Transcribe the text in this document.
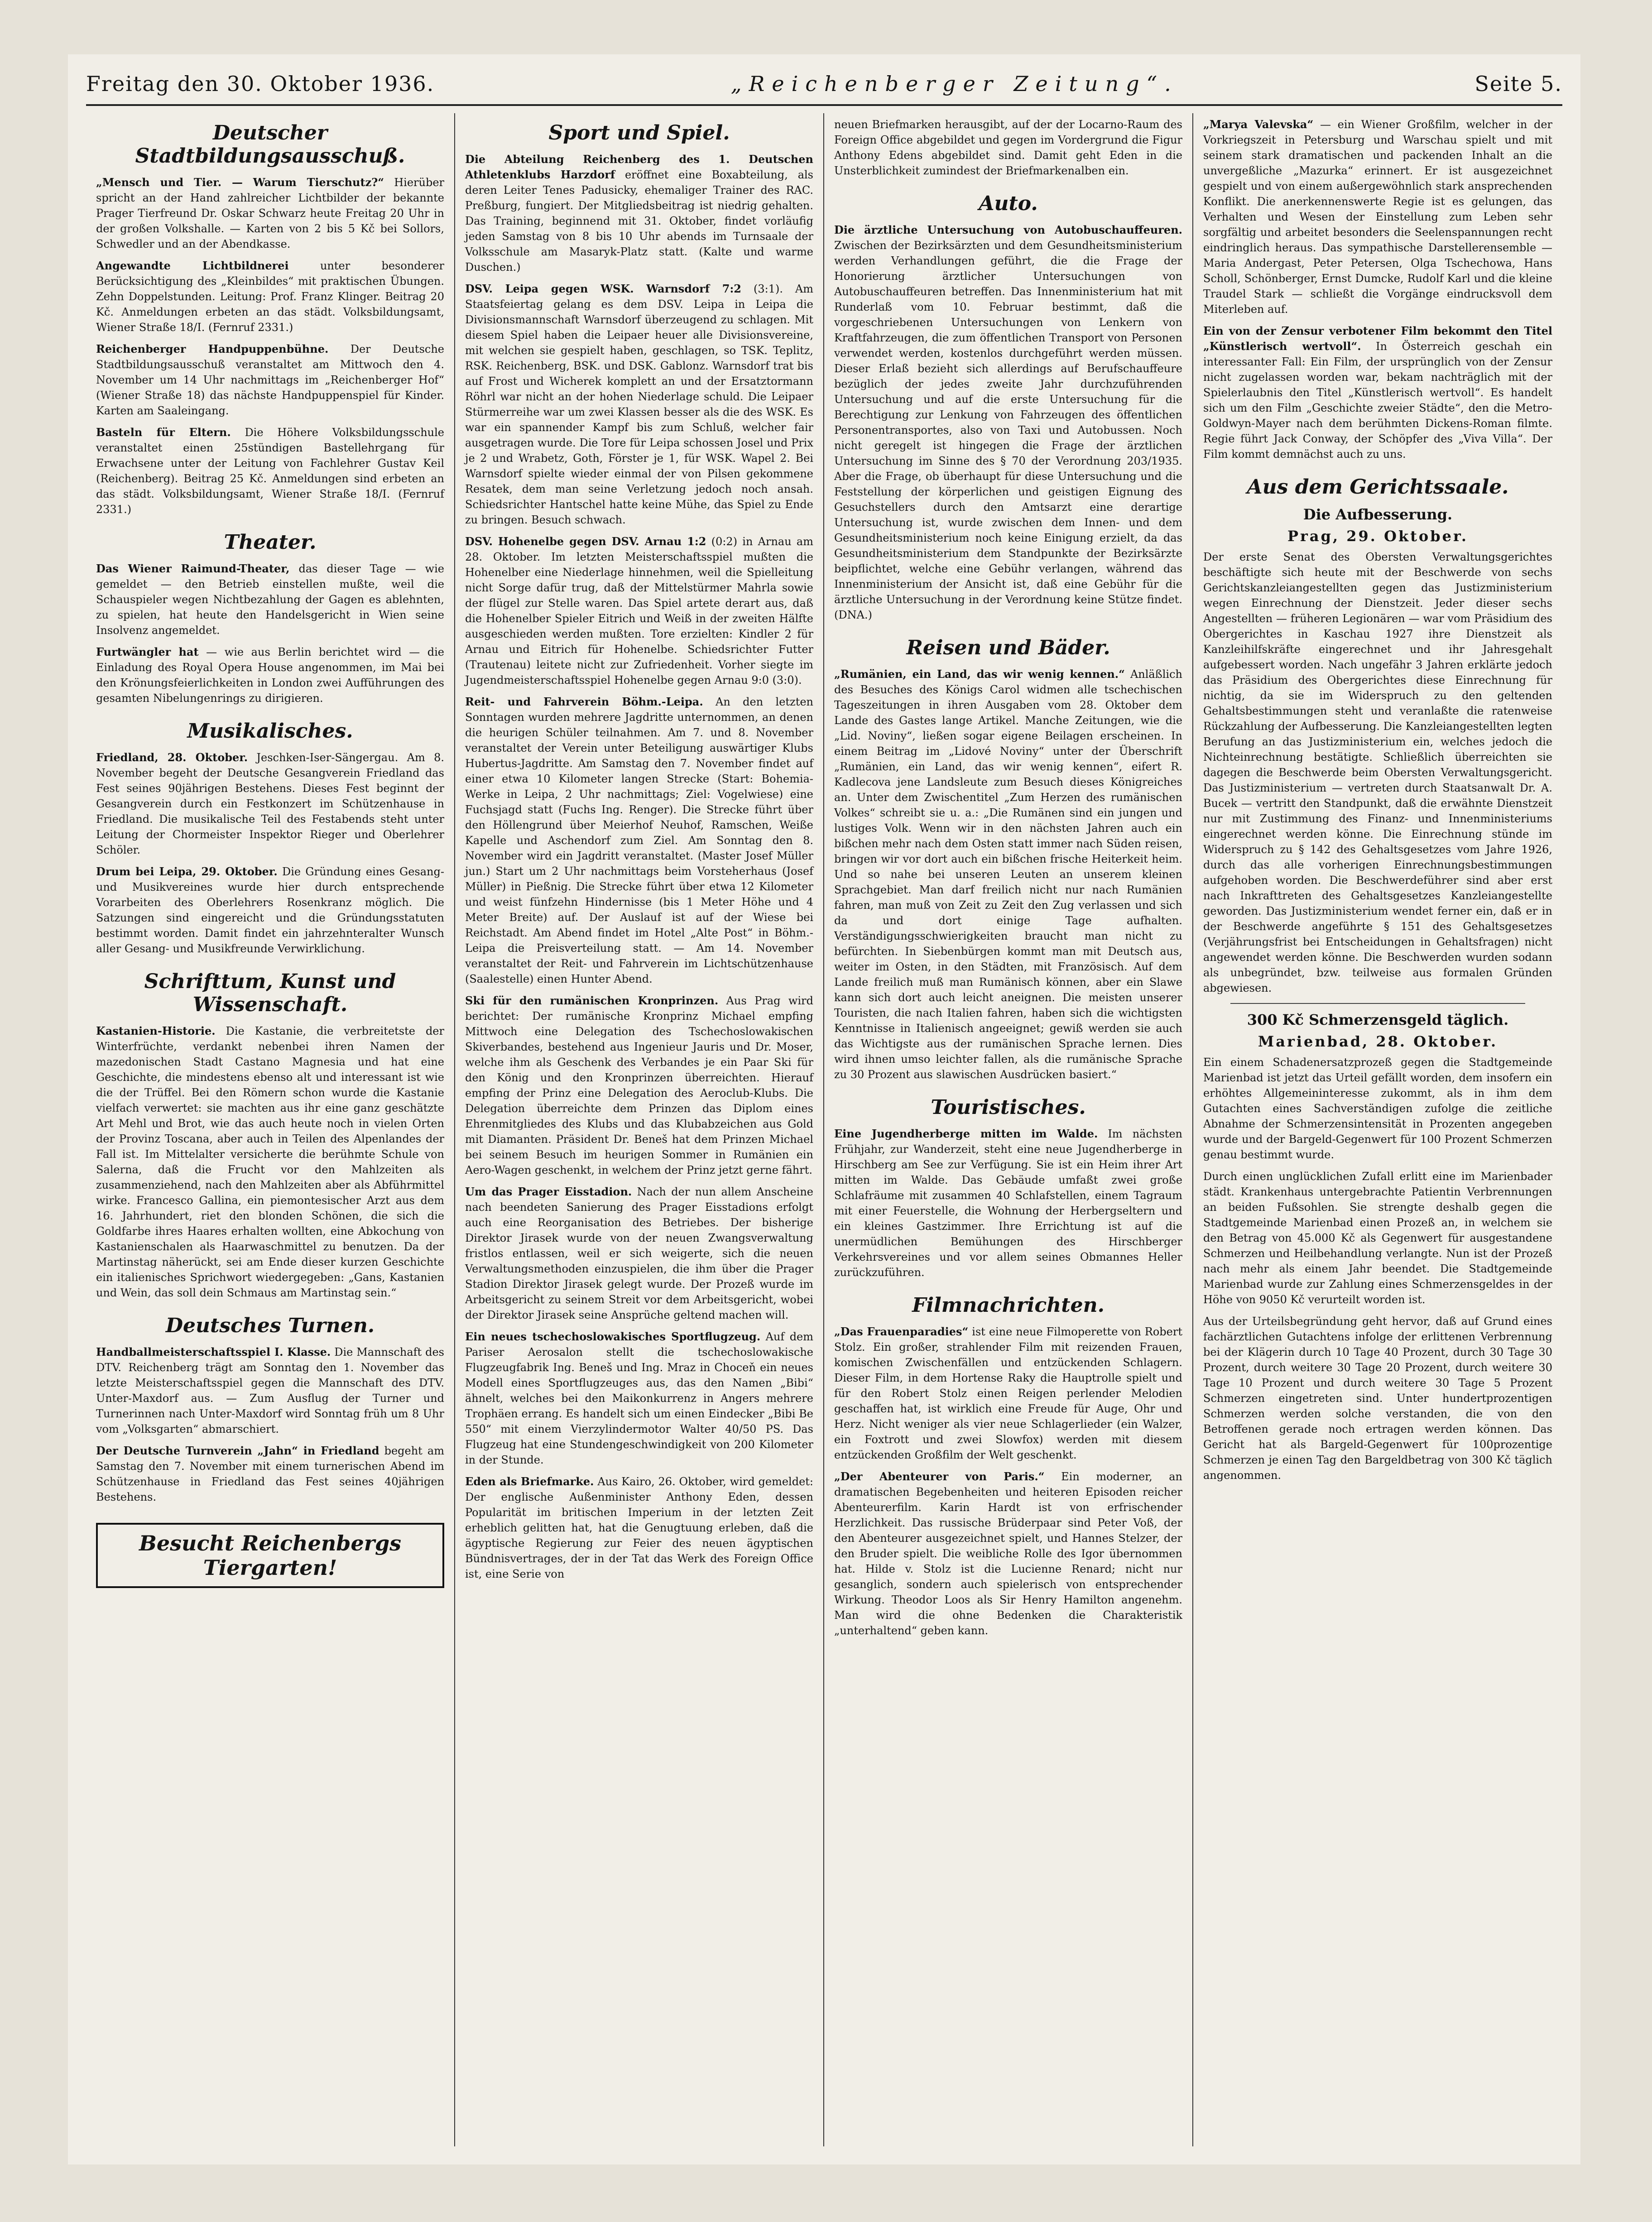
Freitag den 30. Oktober 1936.	„Reichenberger Zeitung“.	Seite 5.
Deutscher Stadtbildungsausschuß.

„Mensch und Tier. — Warum Tierschutz?“ Hierüber spricht an der Hand zahlreicher Lichtbilder der bekannte Prager Tierfreund Dr. Oskar Schwarz heute Freitag 20 Uhr in der großen Volkshalle. — Karten von 2 bis 5 Kč bei Sollors, Schwedler und an der Abendkasse.

Angewandte Lichtbildnerei	unter besonderer Berücksichtigung des „Kleinbildes“ mit praktischen Übungen. Zehn Doppelstunden. Leitung: Prof. Franz Klinger. Beitrag 20 Kč. Anmeldungen erbeten an das städt. Volksbildungsamt, Wiener Straße 18/I. (Fernruf 2331.)

Reichenberger Handpuppenbühne. Der Deutsche Stadtbildungsausschuß veranstaltet am Mittwoch den 4. November um 14 Uhr nachmittags im „Reichenberger Hof“ (Wiener Straße 18) das nächste Handpuppenspiel für Kinder. Karten am Saaleingang.

Basteln für Eltern. Die Höhere Volksbildungsschule veranstaltet einen 25stündigen Bastellehrgang für Erwachsene unter der Leitung von Fachlehrer Gustav Keil (Reichenberg). Beitrag 25 Kč. Anmeldungen sind erbeten an das städt. Volksbildungsamt, Wiener Straße 18/I. (Fernruf 2331.)

Theater.

Das Wiener Raimund-Theater, das dieser Tage — wie gemeldet — den Betrieb einstellen mußte, weil die Schauspieler wegen Nichtbezahlung der Gagen es ablehnten, zu spielen, hat heute den Handelsgericht in Wien seine Insolvenz angemeldet.

Furtwängler hat — wie aus Berlin berichtet wird — die Einladung des Royal Opera House angenommen, im Mai bei den Krönungsfeierlichkeiten in London zwei Aufführungen des gesamten Nibelungenrings zu dirigieren.

Musikalisches.

Friedland, 28. Oktober. Jeschken-Iser-Sängergau. Am 8. November begeht der Deutsche Gesangverein Friedland das Fest seines 90jährigen Bestehens. Dieses Fest beginnt der Gesangverein durch ein Festkonzert im Schützenhause in Friedland. Die musikalische Teil des Festabends steht unter Leitung der Chormeister Inspektor Rieger und Oberlehrer Schöler.

Drum bei Leipa, 29. Oktober. Die Gründung eines Gesang- und Musikvereines wurde hier durch entsprechende Vorarbeiten des Oberlehrers Rosenkranz möglich. Die Satzungen sind eingereicht und die Gründungsstatuten bestimmt worden. Damit findet ein jahrzehnteralter Wunsch aller Gesang- und Musikfreunde Verwirklichung.

Schrifttum, Kunst und Wissenschaft.

Kastanien-Historie. Die Kastanie, die verbreitetste der Winterfrüchte, verdankt nebenbei ihren Namen der mazedonischen Stadt Castano Magnesia und hat eine Geschichte, die mindestens ebenso alt und interessant ist wie die der Trüffel. Bei den Römern schon wurde die Kastanie vielfach verwertet: sie machten aus ihr eine ganz geschätzte Art Mehl und Brot, wie das auch heute noch in vielen Orten der Provinz Toscana, aber auch in Teilen des Alpenlandes der Fall ist. Im Mittelalter versicherte die berühmte Schule von Salerna, daß die Frucht vor den Mahlzeiten als zusammenziehend, nach den Mahlzeiten aber als Abführmittel wirke. Francesco Gallina, ein piemontesischer Arzt aus dem 16. Jahrhundert, riet den blonden Schönen, die sich die Goldfarbe ihres Haares erhalten wollten, eine Abkochung von Kastanienschalen als Haarwaschmittel zu benutzen. Da der Martinstag näherückt, sei am Ende dieser kurzen Geschichte ein italienisches Sprichwort wiedergegeben: „Gans, Kastanien und Wein, das soll dein Schmaus am Martinstag sein.“

Deutsches Turnen.

Handballmeisterschaftsspiel I. Klasse. Die Mannschaft des DTV. Reichenberg trägt am Sonntag den 1. November das letzte Meisterschaftsspiel gegen die Mannschaft des DTV. Unter-Maxdorf aus. — Zum Ausflug der Turner und Turnerinnen nach Unter-Maxdorf wird Sonntag früh um 8 Uhr vom „Volksgarten“ abmarschiert.

Der Deutsche Turnverein „Jahn“ in Friedland begeht am Samstag den 7. November mit einem turnerischen Abend im Schützenhause in Friedland das Fest seines 40jährigen Bestehens.

Besucht Reichenbergs Tiergarten!
Sport und Spiel.

Die Abteilung Reichenberg des 1. Deutschen Athletenklubs Harzdorf eröffnet eine Boxabteilung, als deren Leiter Tenes Padusicky, ehemaliger Trainer des RAC. Preßburg, fungiert. Der Mitgliedsbeitrag ist niedrig gehalten. Das Training, beginnend mit 31. Oktober, findet vorläufig jeden Samstag von 8 bis 10 Uhr abends im Turnsaale der Volksschule am Masaryk-Platz statt. (Kalte und warme Duschen.)

DSV. Leipa gegen WSK. Warnsdorf 7:2 (3:1). Am Staatsfeiertag gelang es dem DSV. Leipa in Leipa die Divisionsmannschaft Warnsdorf überzeugend zu schlagen. Mit diesem Spiel haben die Leipaer heuer alle Divisionsvereine, mit welchen sie gespielt haben, geschlagen, so TSK. Teplitz, RSK. Reichenberg, BSK. und DSK. Gablonz. Warnsdorf trat bis auf Frost und Wicherek komplett an und der Ersatztormann Röhrl war nicht an der hohen Niederlage schuld. Die Leipaer Stürmerreihe war um zwei Klassen besser als die des WSK. Es war ein spannender Kampf bis zum Schluß, welcher fair ausgetragen wurde. Die Tore für Leipa schossen Josel und Prix je 2 und Wrabetz, Goth, Förster je 1, für WSK. Wapel 2. Bei Warnsdorf spielte wieder einmal der von Pilsen gekommene Resatek, dem man seine Verletzung jedoch noch ansah. Schiedsrichter Hantschel hatte keine Mühe, das Spiel zu Ende zu bringen. Besuch schwach.

DSV. Hohenelbe gegen DSV. Arnau 1:2 (0:2) in Arnau am 28. Oktober. Im letzten Meisterschaftsspiel mußten die Hohenelber eine Niederlage hinnehmen, weil die Spielleitung nicht Sorge dafür trug, daß der Mittelstürmer Mahrla sowie der flügel zur Stelle waren. Das Spiel artete derart aus, daß die Hohenelber Spieler Eitrich und Weiß in der zweiten Hälfte ausgeschieden werden mußten. Tore erzielten: Kindler 2 für Arnau und Eitrich für Hohenelbe. Schiedsrichter Futter (Trautenau) leitete nicht zur Zufriedenheit. Vorher siegte im Jugendmeisterschaftsspiel Hohenelbe gegen Arnau 9:0 (3:0).

Reit- und Fahrverein Böhm.-Leipa. An den letzten Sonntagen wurden mehrere Jagdritte unternommen, an denen die heurigen Schüler teilnahmen. Am 7. und 8. November veranstaltet der Verein unter Beteiligung auswärtiger Klubs Hubertus-Jagdritte. Am Samstag den 7. November findet auf einer etwa 10 Kilometer langen Strecke (Start: Bohemia-Werke in Leipa, 2 Uhr nachmittags; Ziel: Vogelwiese) eine Fuchsjagd statt (Fuchs Ing. Renger). Die Strecke führt über den Höllengrund über Meierhof Neuhof, Ramschen, Weiße Kapelle und Aschendorf zum Ziel. Am Sonntag den 8. November wird ein Jagdritt veranstaltet. (Master Josef Müller jun.) Start um 2 Uhr nachmittags beim Vorsteherhaus (Josef Müller) in Pießnig. Die Strecke führt über etwa 12 Kilometer und weist fünfzehn Hindernisse (bis 1 Meter Höhe und 4 Meter Breite) auf. Der Auslauf ist auf der Wiese bei Reichstadt. Am Abend findet im Hotel „Alte Post“ in Böhm.-Leipa die Preisverteilung statt. — Am 14. November veranstaltet der Reit- und Fahrverein im Lichtschützenhause (Saalestelle) einen Hunter Abend.

Ski für den rumänischen Kronprinzen. Aus Prag wird berichtet: Der rumänische Kronprinz Michael empfing Mittwoch eine Delegation des Tschechoslowakischen Skiverbandes, bestehend aus Ingenieur Jauris und Dr. Moser, welche ihm als Geschenk des Verbandes je ein Paar Ski für den König und den Kronprinzen überreichten. Hierauf empfing der Prinz eine Delegation des Aeroclub-Klubs. Die Delegation überreichte dem Prinzen das Diplom eines Ehrenmitgliedes des Klubs und das Klubabzeichen aus Gold mit Diamanten. Präsident Dr. Beneš hat dem Prinzen Michael bei seinem Besuch im heurigen Sommer in Rumänien ein Aero-Wagen geschenkt, in welchem der Prinz jetzt gerne fährt.

Um das Prager Eisstadion. Nach der nun allem Anscheine nach beendeten Sanierung des Prager Eisstadions erfolgt auch eine Reorganisation des Betriebes. Der bisherige Direktor Jirasek wurde von der neuen Zwangsverwaltung fristlos entlassen, weil er sich weigerte, sich die neuen Verwaltungsmethoden einzuspielen, die ihm über die Prager Stadion Direktor Jirasek gelegt wurde. Der Prozeß wurde im Arbeitsgericht zu seinem Streit vor dem Arbeitsgericht, wobei der Direktor Jirasek seine Ansprüche geltend machen will.

Ein neues tschechoslowakisches Sportflugzeug. Auf dem Pariser Aerosalon stellt die tschechoslowakische Flugzeugfabrik Ing. Beneš und Ing. Mraz in Choceň ein neues Modell eines Sportflugzeuges aus, das den Namen „Bibi“ ähnelt, welches bei den Maikonkurrenz in Angers mehrere Trophäen errang. Es handelt sich um einen Eindecker „Bibi Be 550“ mit einem Vierzylindermotor Walter 40/50 PS. Das Flugzeug hat eine Stundengeschwindigkeit von 200 Kilometer in der Stunde.

Eden als Briefmarke. Aus Kairo, 26. Oktober, wird gemeldet: Der englische Außenminister Anthony Eden, dessen Popularität im britischen Imperium in der letzten Zeit erheblich gelitten hat, hat die Genugtuung erleben, daß die ägyptische Regierung zur Feier des neuen ägyptischen Bündnisvertrages, der in der Tat das Werk des Foreign Office ist, eine Serie von

neuen Briefmarken herausgibt, auf der der Locarno-Raum des Foreign Office abgebildet und gegen im Vordergrund die Figur Anthony Edens abgebildet sind. Damit geht Eden in die Unsterblichkeit zumindest der Briefmarkenalben ein.

Auto.

Die ärztliche Untersuchung von Autobuschauffeuren. Zwischen der Bezirksärzten und dem Gesundheitsministerium werden Verhandlungen geführt, die die Frage der Honorierung ärztlicher Untersuchungen von Autobuschauffeuren betreffen. Das Innenministerium hat mit Runderlaß vom 10. Februar bestimmt, daß die vorgeschriebenen Untersuchungen von Lenkern von Kraftfahrzeugen, die zum öffentlichen Transport von Personen verwendet werden, kostenlos durchgeführt werden müssen. Dieser Erlaß bezieht sich allerdings auf Berufschauffeure bezüglich der jedes zweite Jahr durchzuführenden Untersuchung und auf die erste Untersuchung für die Berechtigung zur Lenkung von Fahrzeugen des öffentlichen Personentransportes, also von Taxi und Autobussen. Noch nicht geregelt ist hingegen die Frage der ärztlichen Untersuchung im Sinne des § 70 der Verordnung 203/1935. Aber die Frage, ob überhaupt für diese Untersuchung und die Feststellung der körperlichen und geistigen Eignung des Gesuchstellers durch den Amtsarzt eine derartige Untersuchung ist, wurde zwischen dem Innen- und dem Gesundheitsministerium noch keine Einigung erzielt, da das Gesundheitsministerium dem Standpunkte der Bezirksärzte beipflichtet, welche eine Gebühr verlangen, während das Innenministerium der Ansicht ist, daß eine Gebühr für die ärztliche Untersuchung in der Verordnung keine Stütze findet. (DNA.)

Reisen und Bäder.

„Rumänien, ein Land, das wir wenig kennen.“ Anläßlich des Besuches des Königs Carol widmen alle tschechischen Tageszeitungen in ihren Ausgaben vom 28. Oktober dem Lande des Gastes lange Artikel. Manche Zeitungen, wie die „Lid. Noviny“, ließen sogar eigene Beilagen erscheinen. In einem Beitrag im „Lidové Noviny“ unter der Überschrift „Rumänien, ein Land, das wir wenig kennen“, eifert R. Kadlecova jene Landsleute zum Besuch dieses Königreiches an. Unter dem Zwischentitel „Zum Herzen des rumänischen Volkes“ schreibt sie u. a.: „Die Rumänen sind ein jungen und lustiges Volk. Wenn wir in den nächsten Jahren auch ein bißchen mehr nach dem Osten statt immer nach Süden reisen, bringen wir vor dort auch ein bißchen frische Heiterkeit heim. Und so nahe bei unseren Leuten an unserem kleinen Sprachgebiet. Man darf freilich nicht nur nach Rumänien fahren, man muß von Zeit zu Zeit den Zug verlassen und sich da und dort einige Tage aufhalten. Verständigungsschwierigkeiten braucht man nicht zu befürchten. In Siebenbürgen kommt man mit Deutsch aus, weiter im Osten, in den Städten, mit Französisch. Auf dem Lande freilich muß man Rumänisch können, aber ein Slawe kann sich dort auch leicht aneignen. Die meisten unserer Touristen, die nach Italien fahren, haben sich die wichtigsten Kenntnisse in Italienisch angeeignet; gewiß werden sie auch das Wichtigste aus der rumänischen Sprache lernen. Dies wird ihnen umso leichter fallen, als die rumänische Sprache zu 30 Prozent aus slawischen Ausdrücken basiert.“

Touristisches.

Eine Jugendherberge mitten im Walde. Im nächsten Frühjahr, zur Wanderzeit, steht eine neue Jugendherberge in Hirschberg am See zur Verfügung. Sie ist ein Heim ihrer Art mitten im Walde. Das Gebäude umfaßt zwei große Schlafräume mit zusammen 40 Schlafstellen, einem Tagraum mit einer Feuerstelle, die Wohnung der Herbergseltern und ein kleines Gastzimmer. Ihre Errichtung ist auf die unermüdlichen Bemühungen des Hirschberger Verkehrsvereines und vor allem seines Obmannes Heller zurückzuführen.

Filmnachrichten.

„Das Frauenparadies“ ist eine neue Filmoperette von Robert Stolz. Ein großer, strahlender Film mit reizenden Frauen, komischen Zwischenfällen und entzückenden Schlagern. Dieser Film, in dem Hortense Raky die Hauptrolle spielt und für den Robert Stolz einen Reigen perlender Melodien geschaffen hat, ist wirklich eine Freude für Auge, Ohr und Herz. Nicht weniger als vier neue Schlagerlieder (ein Walzer, ein Foxtrott und zwei Slowfox) werden mit diesem entzückenden Großfilm der Welt geschenkt.

„Der Abenteurer von Paris.“ Ein moderner, an dramatischen Begebenheiten und heiteren Episoden reicher Abenteurerfilm. Karin Hardt ist von erfrischender Herzlichkeit. Das russische Brüderpaar sind Peter Voß, der den Abenteurer ausgezeichnet spielt, und Hannes Stelzer, der den Bruder spielt. Die weibliche Rolle des Igor übernommen hat. Hilde v. Stolz ist die Lucienne Renard; nicht nur gesanglich, sondern auch spielerisch von entsprechender Wirkung. Theodor Loos als Sir Henry Hamilton angenehm. Man wird die ohne Bedenken die Charakteristik „unterhaltend“ geben kann.

„Marya Valevska“ — ein Wiener Großfilm, welcher in der Vorkriegszeit in Petersburg und Warschau spielt und mit seinem stark dramatischen und packenden Inhalt an die unvergeßliche „Mazurka“ erinnert. Er ist ausgezeichnet gespielt und von einem außergewöhnlich stark ansprechenden Konflikt. Die anerkennenswerte Regie ist es gelungen, das Verhalten und Wesen der Einstellung zum Leben sehr sorgfältig und arbeitet besonders die Seelenspannungen recht eindringlich heraus. Das sympathische Darstellerensemble — Maria Andergast, Peter Petersen, Olga Tschechowa, Hans Scholl, Schönberger, Ernst Dumcke, Rudolf Karl und die kleine Traudel Stark — schließt die Vorgänge eindrucksvoll dem Miterleben auf.

Ein von der Zensur verbotener Film bekommt den Titel „Künstlerisch wertvoll“. In Österreich geschah ein interessanter Fall: Ein Film, der ursprünglich von der Zensur nicht zugelassen worden war, bekam nachträglich mit der Spielerlaubnis den Titel „Künstlerisch wertvoll“. Es handelt sich um den Film „Geschichte zweier Städte“, den die Metro-Goldwyn-Mayer nach dem berühmten Dickens-Roman filmte. Regie führt Jack Conway, der Schöpfer des „Viva Villa“. Der Film kommt demnächst auch zu uns.

Aus dem Gerichtssaale.
Die Aufbesserung.
Prag, 29. Oktober.

Der erste Senat des Obersten Verwaltungsgerichtes beschäftigte sich heute mit der Beschwerde von sechs Gerichtskanzleiangestellten gegen das Justizministerium wegen Einrechnung der Dienstzeit. Jeder dieser sechs Angestellten — früheren Legionären — war vom Präsidium des Obergerichtes in Kaschau 1927 ihre Dienstzeit als Kanzleihilfskräfte eingerechnet und ihr Jahresgehalt aufgebessert worden. Nach ungefähr 3 Jahren erklärte jedoch das Präsidium des Obergerichtes diese Einrechnung für nichtig, da sie im Widerspruch zu den geltenden Gehaltsbestimmungen steht und veranlaßte die ratenweise Rückzahlung der Aufbesserung. Die Kanzleiangestellten legten Berufung an das Justizministerium ein, welches jedoch die Nichteinrechnung bestätigte. Schließlich überreichten sie dagegen die Beschwerde beim Obersten Verwaltungsgericht. Das Justizministerium — vertreten durch Staatsanwalt Dr. A. Bucek — vertritt den Standpunkt, daß die erwähnte Dienstzeit nur mit Zustimmung des Finanz- und Innenministeriums eingerechnet werden könne. Die Einrechnung stünde im Widerspruch zu § 142 des Gehaltsgesetzes vom Jahre 1926, durch das alle vorherigen Einrechnungsbestimmungen aufgehoben worden. Die Beschwerdeführer sind aber erst nach Inkrafttreten des Gehaltsgesetzes Kanzleiangestellte geworden. Das Justizministerium wendet ferner ein, daß er in der Beschwerde angeführte § 151 des Gehaltsgesetzes (Verjährungsfrist bei Entscheidungen in Gehaltsfragen) nicht angewendet werden könne. Die Beschwerden wurden sodann als unbegründet, bzw. teilweise aus formalen Gründen abgewiesen.

300 Kč Schmerzensgeld täglich.
Marienbad, 28. Oktober.

Ein einem Schadenersatzprozeß gegen die Stadtgemeinde Marienbad ist jetzt das Urteil gefällt worden, dem insofern ein erhöhtes Allgemeininteresse zukommt, als in ihm dem Gutachten eines Sachverständigen zufolge die zeitliche Abnahme der Schmerzensintensität in Prozenten angegeben wurde und der Bargeld-Gegenwert für 100 Prozent Schmerzen genau bestimmt wurde.

Durch einen unglücklichen Zufall erlitt eine im Marienbader städt. Krankenhaus untergebrachte Patientin Verbrennungen an beiden Fußsohlen. Sie strengte deshalb gegen die Stadtgemeinde Marienbad einen Prozeß an, in welchem sie den Betrag von 45.000 Kč als Gegenwert für ausgestandene Schmerzen und Heilbehandlung verlangte. Nun ist der Prozeß nach mehr als einem Jahr beendet. Die Stadtgemeinde Marienbad wurde zur Zahlung eines Schmerzensgeldes in der Höhe von 9050 Kč verurteilt worden ist.

Aus der Urteilsbegründung geht hervor, daß auf Grund eines fachärztlichen Gutachtens infolge der erlittenen Verbrennung bei der Klägerin durch 10 Tage 40 Prozent, durch 30 Tage 30 Prozent, durch weitere 30 Tage 20 Prozent, durch weitere 30 Tage 10 Prozent und durch weitere 30 Tage 5 Prozent Schmerzen eingetreten sind. Unter hundertprozentigen Schmerzen werden solche verstanden, die von den Betroffenen gerade noch ertragen werden können. Das Gericht hat als Bargeld-Gegenwert für 100prozentige Schmerzen je einen Tag den Bargeldbetrag von 300 Kč täglich angenommen.
